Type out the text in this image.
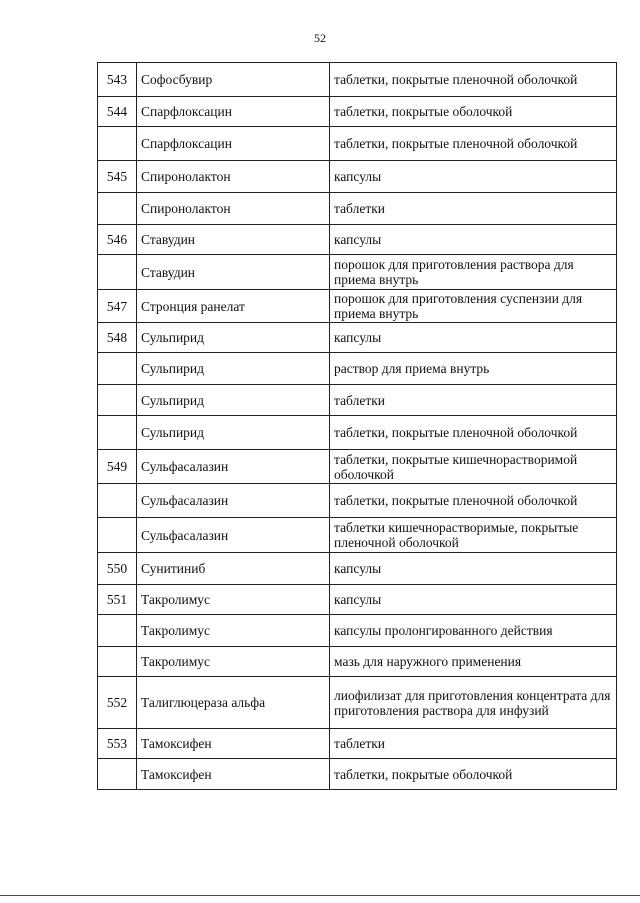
52
543	Софосбувир	таблетки, покрытые пленочной оболочкой
544	Спарфлоксацин	таблетки, покрытые оболочкой
	Спарфлоксацин	таблетки, покрытые пленочной оболочкой
545	Спиронолактон	капсулы
	Спиронолактон	таблетки
546	Ставудин	капсулы
	Ставудин	порошок для приготовления раствора для приема внутрь
547	Стронция ранелат	порошок для приготовления суспензии для приема внутрь
548	Сульпирид	капсулы
	Сульпирид	раствор для приема внутрь
	Сульпирид	таблетки
	Сульпирид	таблетки, покрытые пленочной оболочкой
549	Сульфасалазин	таблетки, покрытые кишечнорастворимой оболочкой
	Сульфасалазин	таблетки, покрытые пленочной оболочкой
	Сульфасалазин	таблетки кишечнорастворимые, покрытые пленочной оболочкой
550	Сунитиниб	капсулы
551	Такролимус	капсулы
	Такролимус	капсулы пролонгированного действия
	Такролимус	мазь для наружного применения
552	Талиглюцераза альфа	лиофилизат для приготовления концентрата для приготовления раствора для инфузий
553	Тамоксифен	таблетки
	Тамоксифен	таблетки, покрытые оболочкой
